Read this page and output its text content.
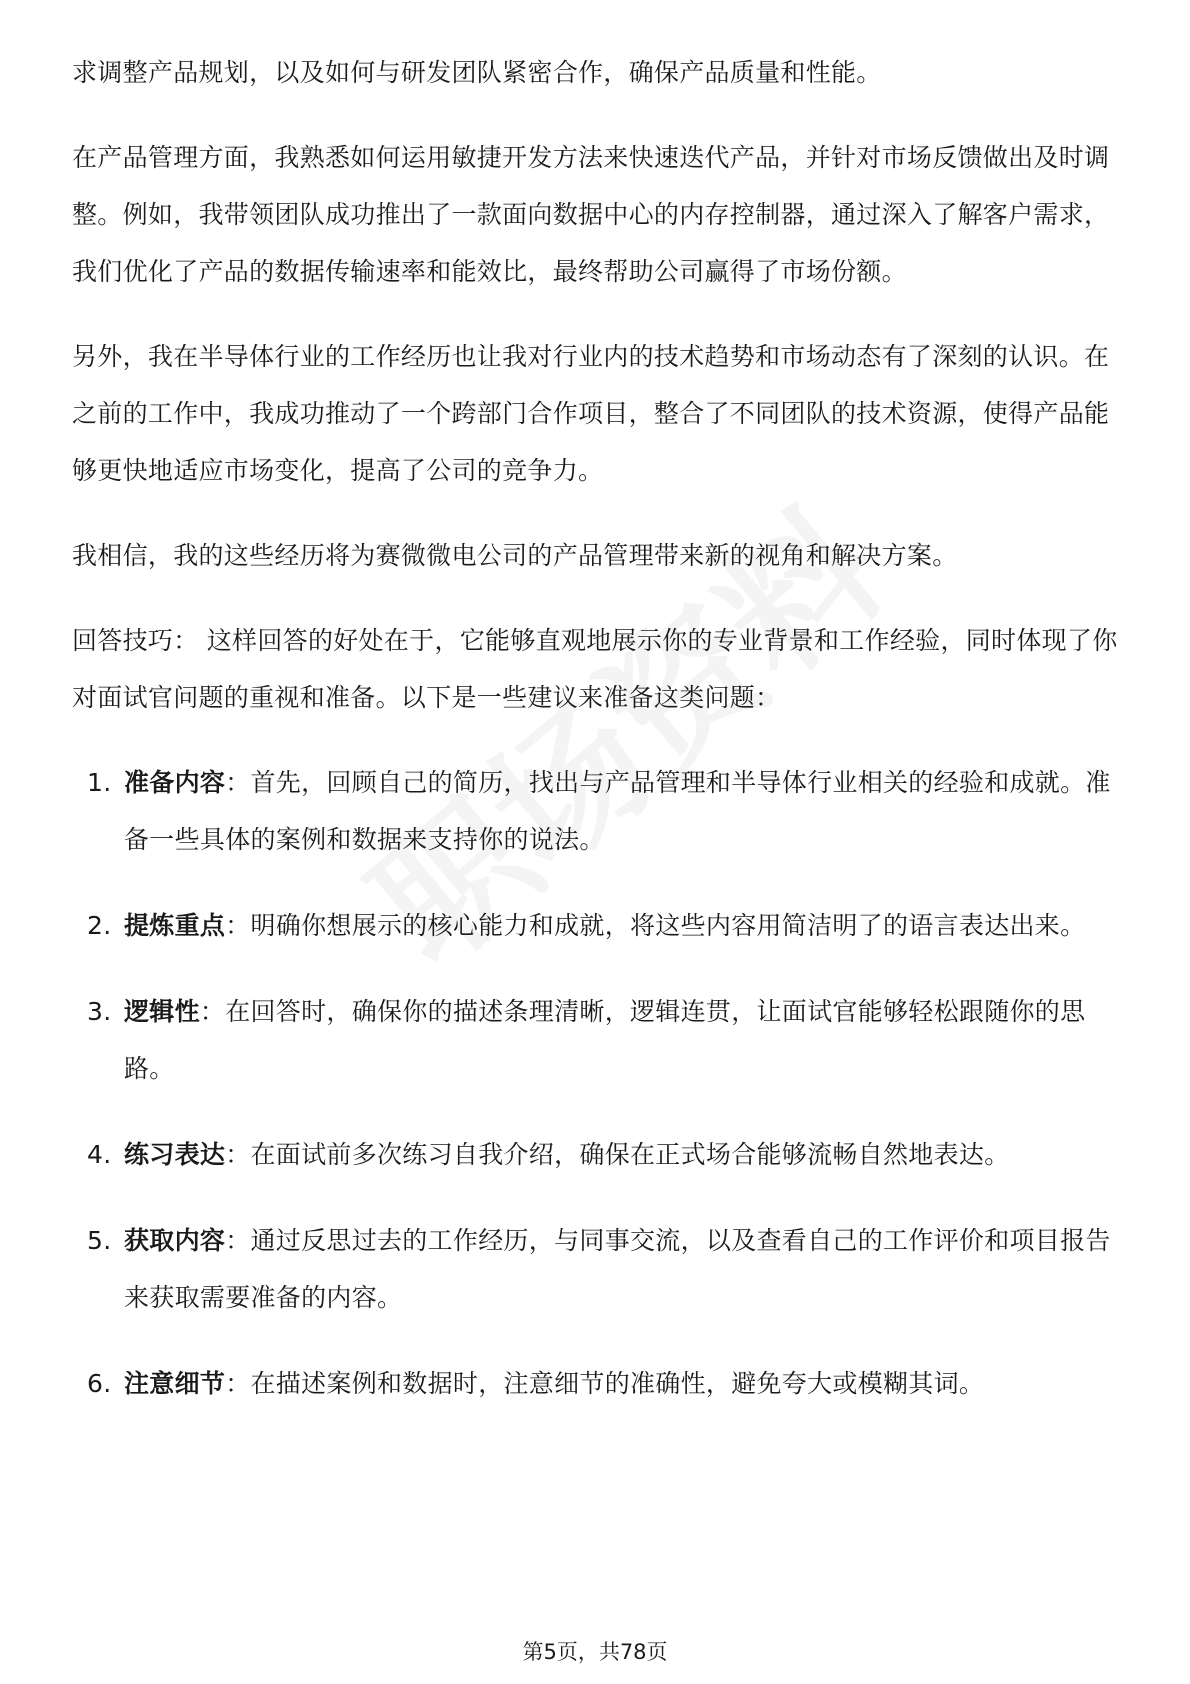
求调整产品规划，以及如何与研发团队紧密合作，确保产品质量和性能。

在产品管理方面，我熟悉如何运用敏捷开发方法来快速迭代产品，并针对市场反馈做出及时调整。例如，我带领团队成功推出了一款面向数据中心的内存控制器，通过深入了解客户需求，我们优化了产品的数据传输速率和能效比，最终帮助公司赢得了市场份额。

另外，我在半导体行业的工作经历也让我对行业内的技术趋势和市场动态有了深刻的认识。在之前的工作中，我成功推动了一个跨部门合作项目，整合了不同团队的技术资源，使得产品能够更快地适应市场变化，提高了公司的竞争力。

我相信，我的这些经历将为赛微微电公司的产品管理带来新的视角和解决方案。

回答技巧： 这样回答的好处在于，它能够直观地展示你的专业背景和工作经验，同时体现了你对面试官问题的重视和准备。以下是一些建议来准备这类问题：

1. 准备内容：首先，回顾自己的简历，找出与产品管理和半导体行业相关的经验和成就。准备一些具体的案例和数据来支持你的说法。
2. 提炼重点：明确你想展示的核心能力和成就，将这些内容用简洁明了的语言表达出来。
3. 逻辑性：在回答时，确保你的描述条理清晰，逻辑连贯，让面试官能够轻松跟随你的思路。
4. 练习表达：在面试前多次练习自我介绍，确保在正式场合能够流畅自然地表达。
5. 获取内容：通过反思过去的工作经历，与同事交流，以及查看自己的工作评价和项目报告来获取需要准备的内容。
6. 注意细节：在描述案例和数据时，注意细节的准确性，避免夸大或模糊其词。
第5页，共78页
